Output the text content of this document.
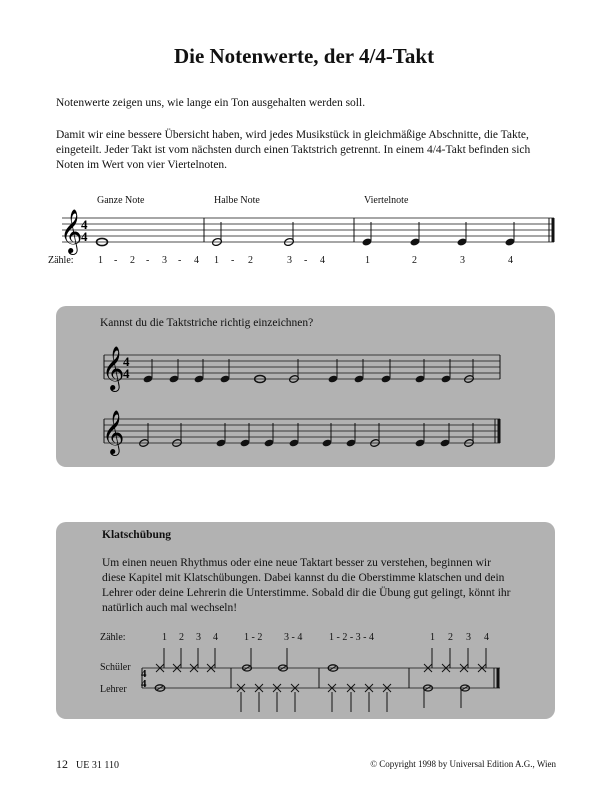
Die Notenwerte, der 4/4-Takt

Notenwerte zeigen uns, wie lange ein Ton ausgehalten werden soll.

Damit wir eine bessere Übersicht haben, wird jedes Musikstück in gleichmäßige Abschnitte, die Takte, eingeteilt. Jeder Takt ist vom nächsten durch einen Taktstrich getrennt. In einem 4/4-Takt befinden sich Noten im Wert von vier Viertelnoten.

Ganze Note	Halbe Note	Viertelnote
𝄞
4
4
Zähle: 1 - 2 - 3 - 4 1 - 2	3 - 4	1	2	3	4

Kannst du die Taktstriche richtig einzeichnen?

Klatschübung

Um einen neuen Rhythmus oder eine neue Taktart besser zu verstehen, beginnen wir diese Kapitel mit Klatschübungen. Dabei kannst du die Oberstimme klatschen und dein Lehrer oder deine Lehrerin die Unterstimme. Sobald dir die Übung gut gelingt, könnt ihr natürlich auch mal wechseln!

𝄞
4
4
𝄞
4
4
Zähle:	1 2 3 4	1 - 2 3 - 4	1 - 2 - 3 - 4	1 2 3 4
Schüler
Lehrer
12 UE 31 110	© Copyright 1998 by Universal Edition A.G., Wien
